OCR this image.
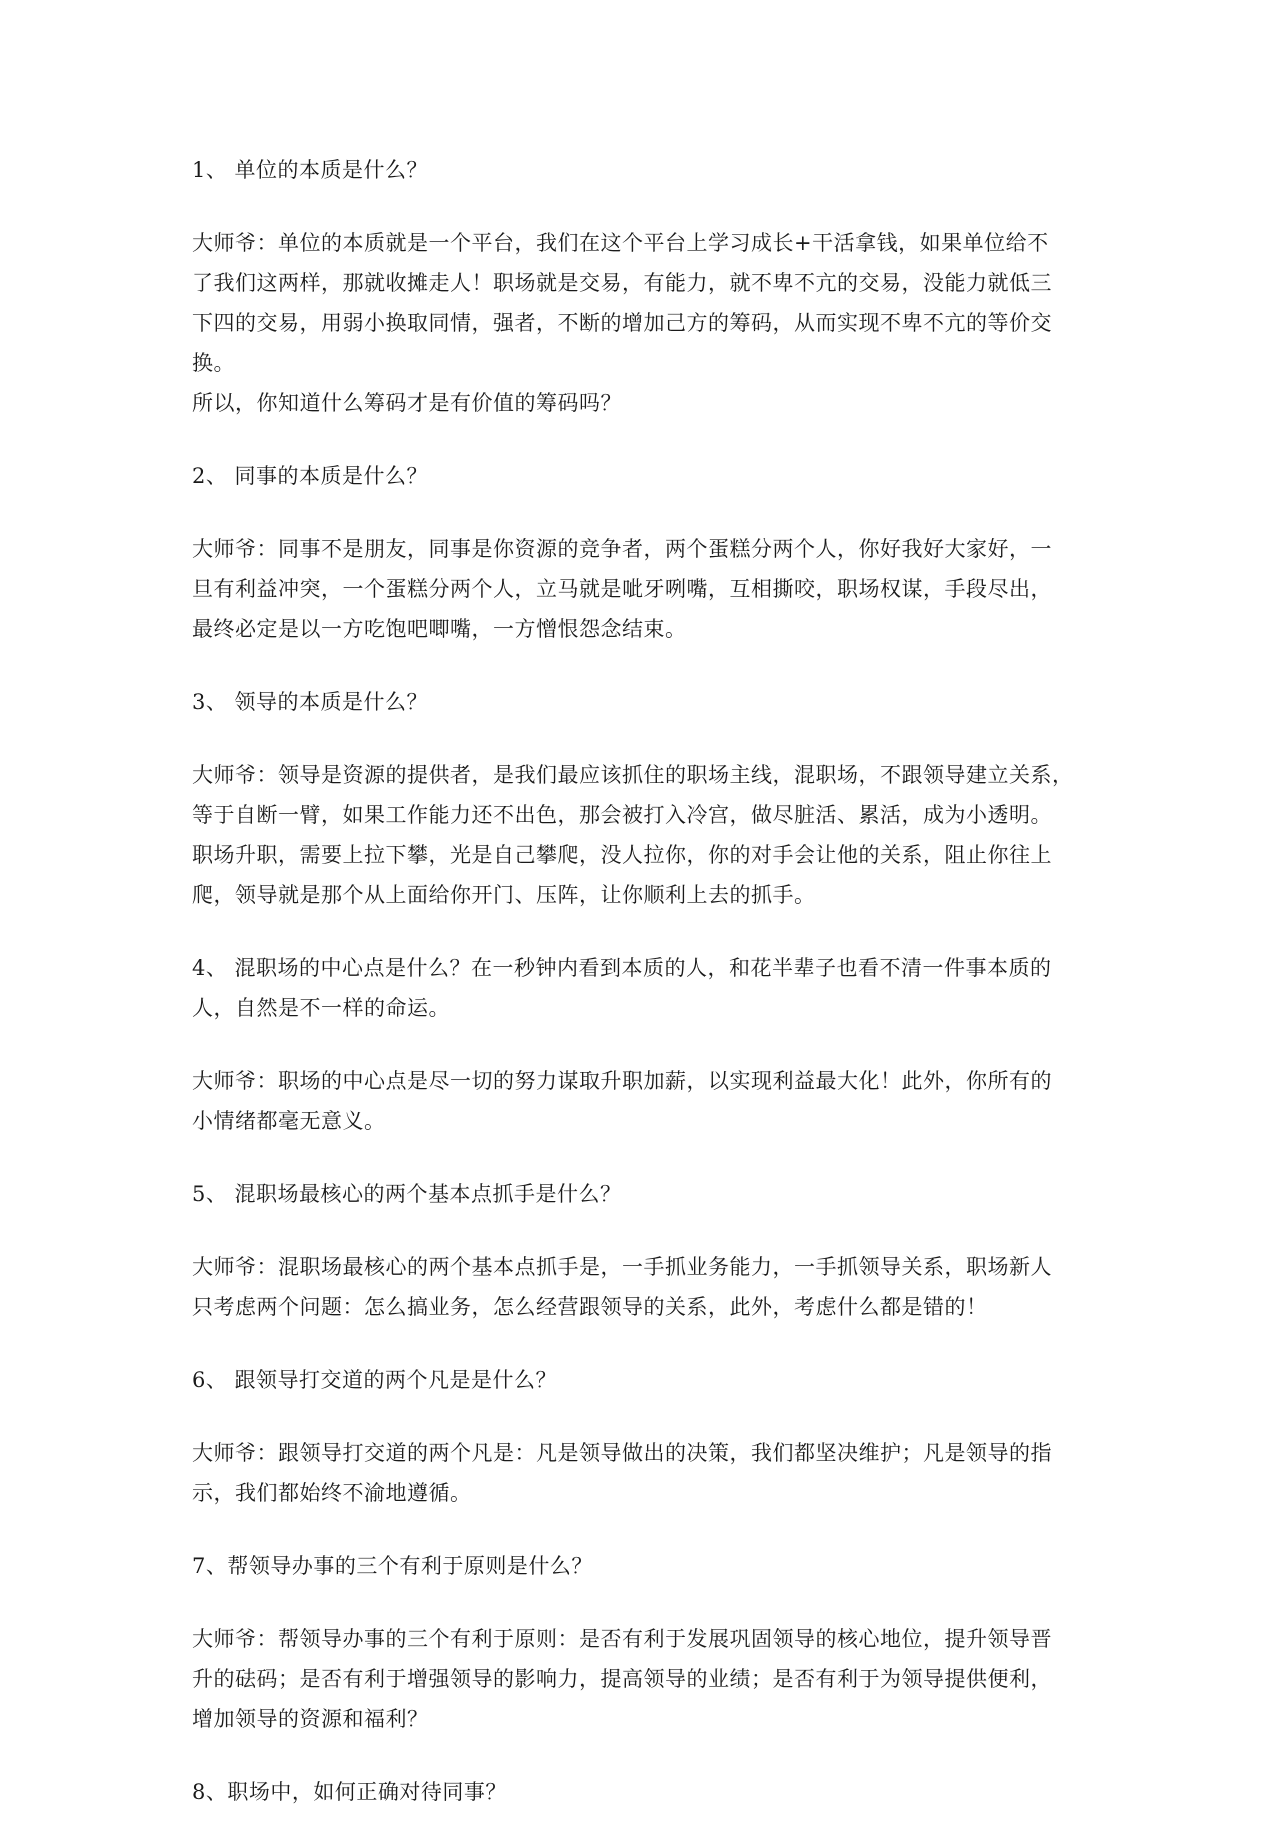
1、 单位的本质是什么？
大师爷：单位的本质就是一个平台，我们在这个平台上学习成长+干活拿钱，如果单位给不
了我们这两样，那就收摊走人！职场就是交易，有能力，就不卑不亢的交易，没能力就低三
下四的交易，用弱小换取同情，强者，不断的增加己方的筹码，从而实现不卑不亢的等价交
换。
所以，你知道什么筹码才是有价值的筹码吗？
2、 同事的本质是什么？
大师爷：同事不是朋友，同事是你资源的竞争者，两个蛋糕分两个人，你好我好大家好，一
旦有利益冲突，一个蛋糕分两个人，立马就是呲牙咧嘴，互相撕咬，职场权谋，手段尽出，
最终必定是以一方吃饱吧唧嘴，一方憎恨怨念结束。
3、 领导的本质是什么？
大师爷：领导是资源的提供者，是我们最应该抓住的职场主线，混职场，不跟领导建立关系，
等于自断一臂，如果工作能力还不出色，那会被打入冷宫，做尽脏活、累活，成为小透明。
职场升职，需要上拉下攀，光是自己攀爬，没人拉你，你的对手会让他的关系，阻止你往上
爬，领导就是那个从上面给你开门、压阵，让你顺利上去的抓手。
4、 混职场的中心点是什么？在一秒钟内看到本质的人，和花半辈子也看不清一件事本质的
人，自然是不一样的命运。
大师爷：职场的中心点是尽一切的努力谋取升职加薪，以实现利益最大化！此外，你所有的
小情绪都毫无意义。
5、 混职场最核心的两个基本点抓手是什么？
大师爷：混职场最核心的两个基本点抓手是，一手抓业务能力，一手抓领导关系，职场新人
只考虑两个问题：怎么搞业务，怎么经营跟领导的关系，此外，考虑什么都是错的！
6、 跟领导打交道的两个凡是是什么？
大师爷：跟领导打交道的两个凡是：凡是领导做出的决策，我们都坚决维护；凡是领导的指
示，我们都始终不渝地遵循。
7、帮领导办事的三个有利于原则是什么？
大师爷：帮领导办事的三个有利于原则：是否有利于发展巩固领导的核心地位，提升领导晋
升的砝码；是否有利于增强领导的影响力，提高领导的业绩；是否有利于为领导提供便利，
增加领导的资源和福利？
8、职场中，如何正确对待同事？
